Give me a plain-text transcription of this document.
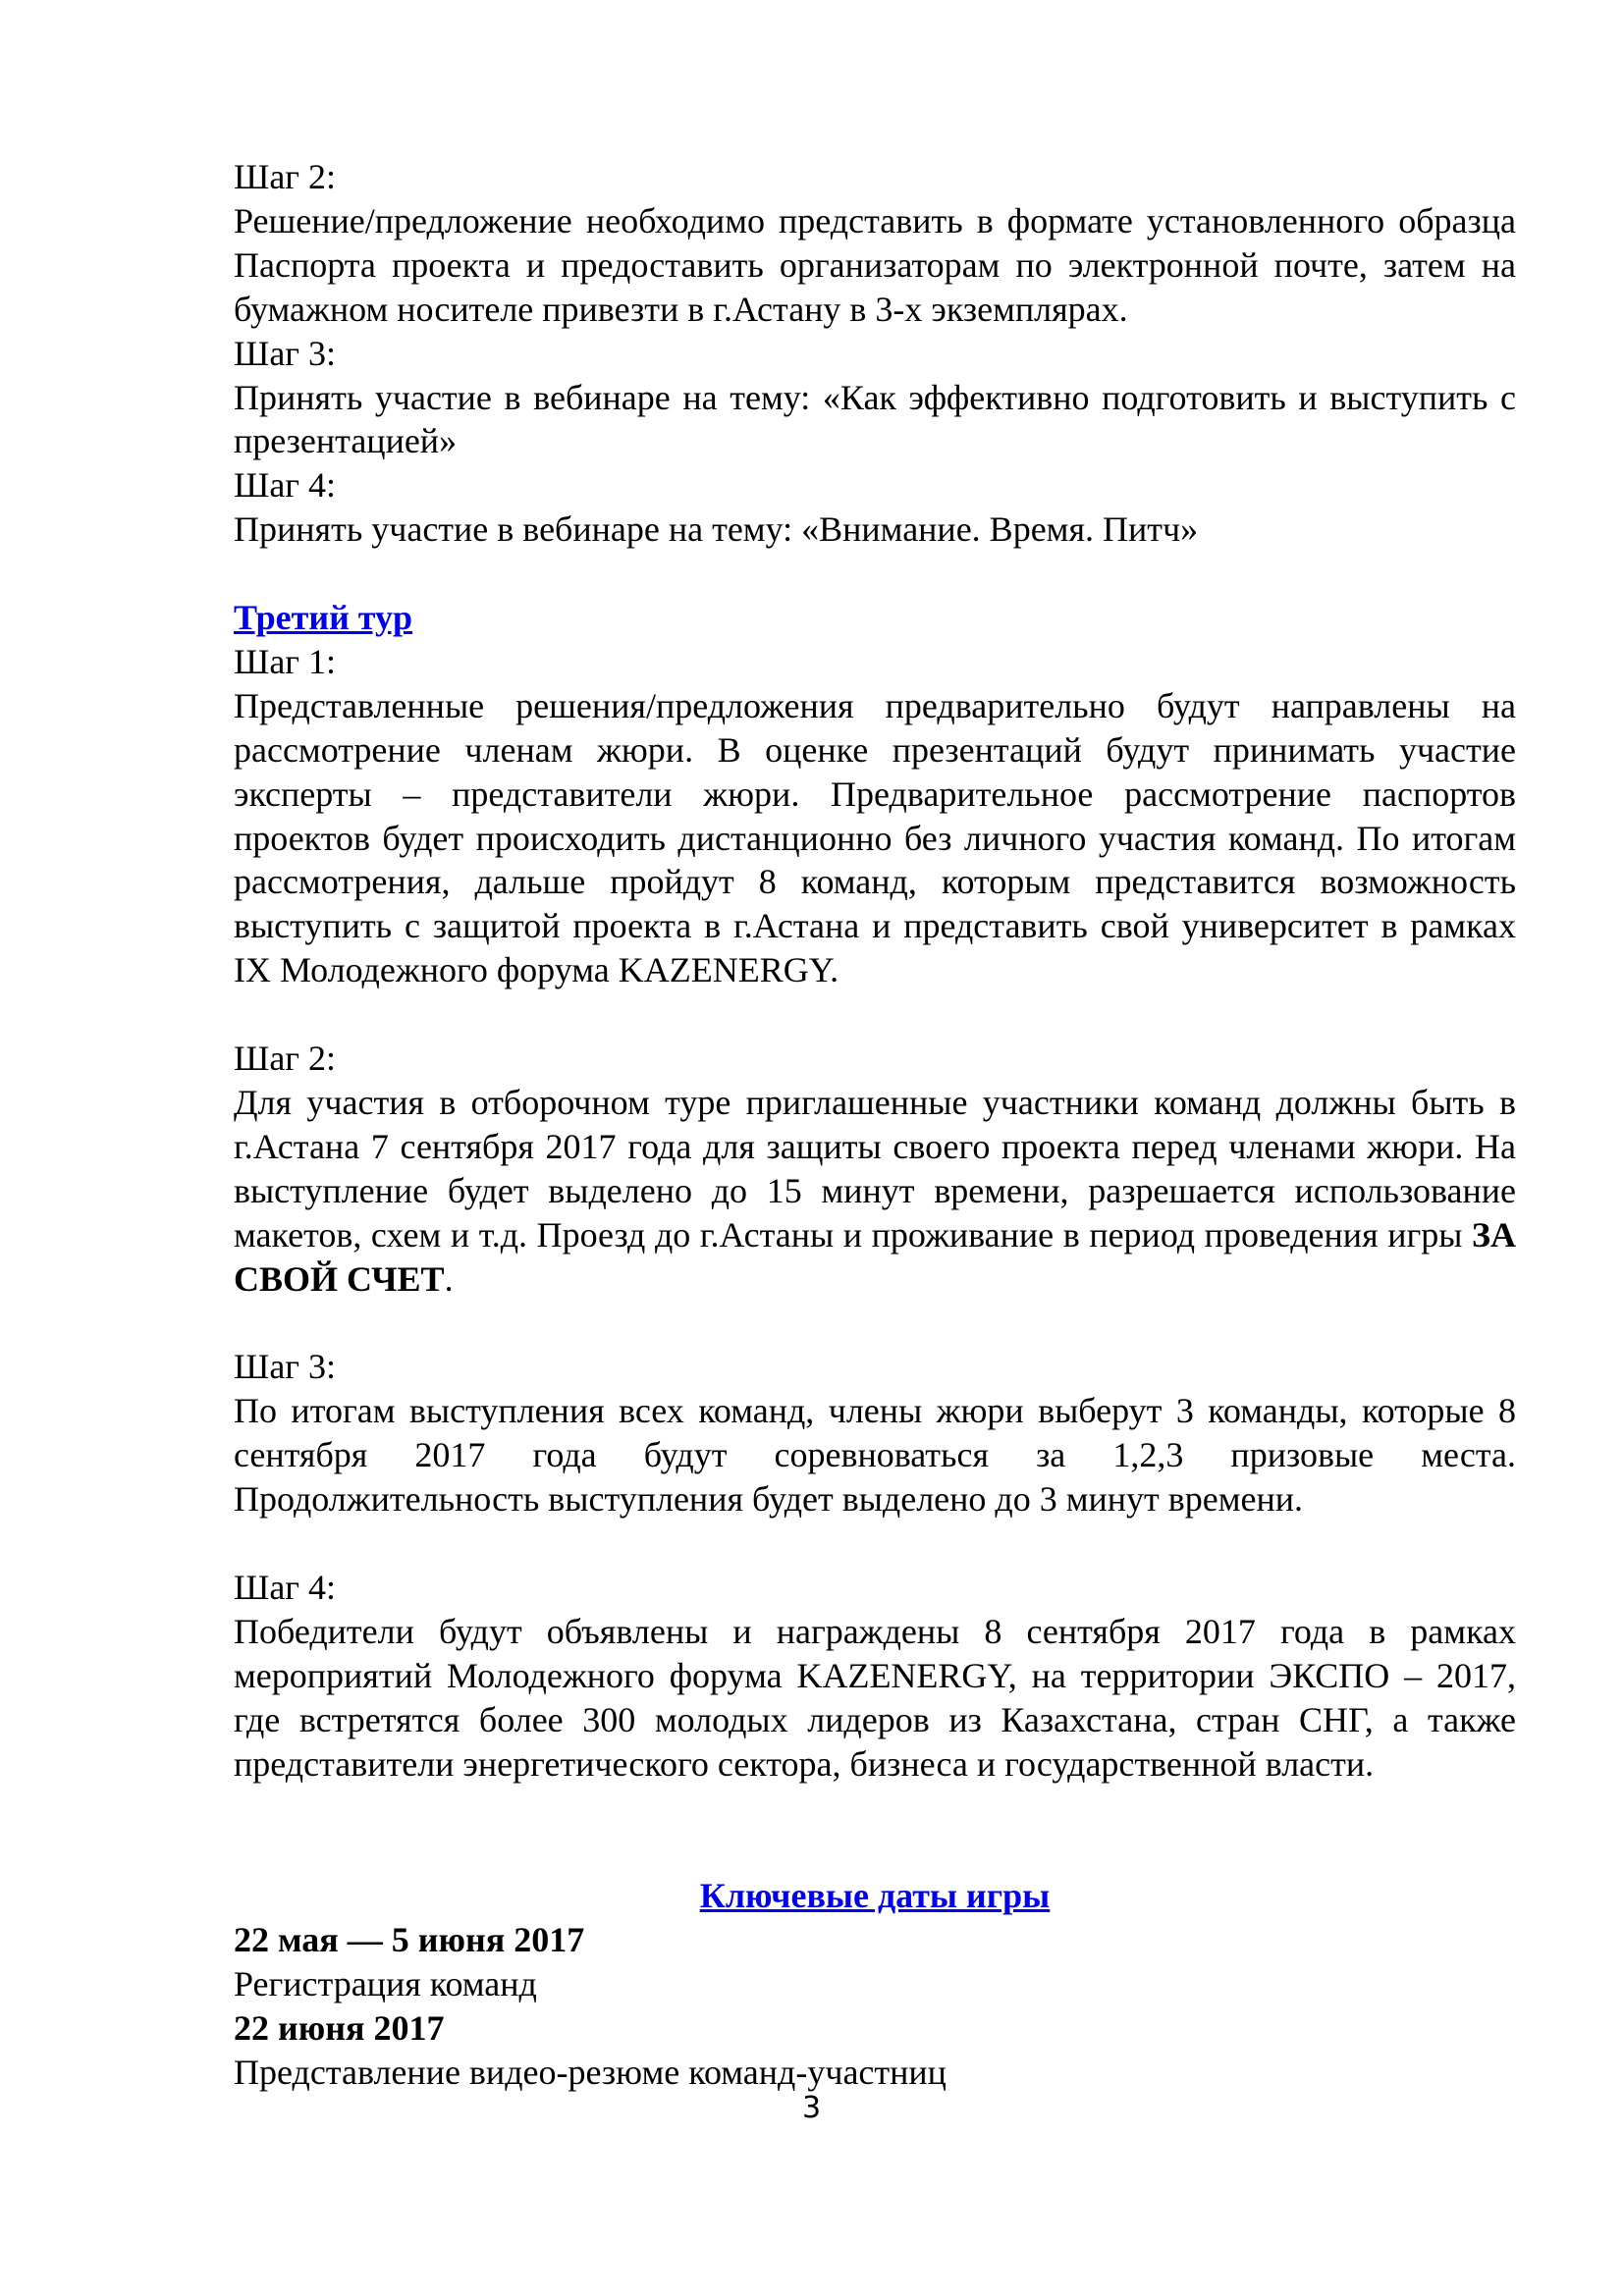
Шаг 2:

Решение/предложение необходимо представить в формате установленного образца Паспорта проекта и предоставить организаторам по электронной почте, затем на бумажном носителе привезти в г.Астану в 3-х экземплярах.

Шаг 3:

Принять участие в вебинаре на тему: «Как эффективно подготовить и выступить с презентацией»

Шаг 4:

Принять участие в вебинаре на тему: «Внимание. Время. Питч»

Третий тур
Шаг 1:

Представленные решения/предложения предварительно будут направлены на рассмотрение членам жюри. В оценке презентаций будут принимать участие эксперты – представители жюри. Предварительное рассмотрение паспортов проектов будет происходить дистанционно без личного участия команд. По итогам рассмотрения, дальше пройдут 8 команд, которым представится возможность выступить с защитой проекта в г.Астана и представить свой университет в рамках IX Молодежного форума KAZENERGY.

Шаг 2:

Для участия в отборочном туре приглашенные участники команд должны быть в г.Астана 7 сентября 2017 года для защиты своего проекта перед членами жюри. На выступление будет выделено до 15 минут времени, разрешается использование макетов, схем и т.д. Проезд до г.Астаны и проживание в период проведения игры ЗА СВОЙ СЧЕТ.

Шаг 3:

По итогам выступления всех команд, члены жюри выберут 3 команды, которые 8 сентября 2017 года будут соревноваться за 1,2,3 призовые места. Продолжительность выступления будет выделено до 3 минут времени.

Шаг 4:

Победители будут объявлены и награждены 8 сентября 2017 года в рамках мероприятий Молодежного форума KAZENERGY, на территории ЭКСПО – 2017, где встретятся более 300 молодых лидеров из Казахстана, стран СНГ, а также представители энергетического сектора, бизнеса и государственной власти.

Ключевые даты игры
22 мая — 5 июня 2017
Регистрация команд
22 июня 2017
Представление видео-резюме команд-участниц
3
